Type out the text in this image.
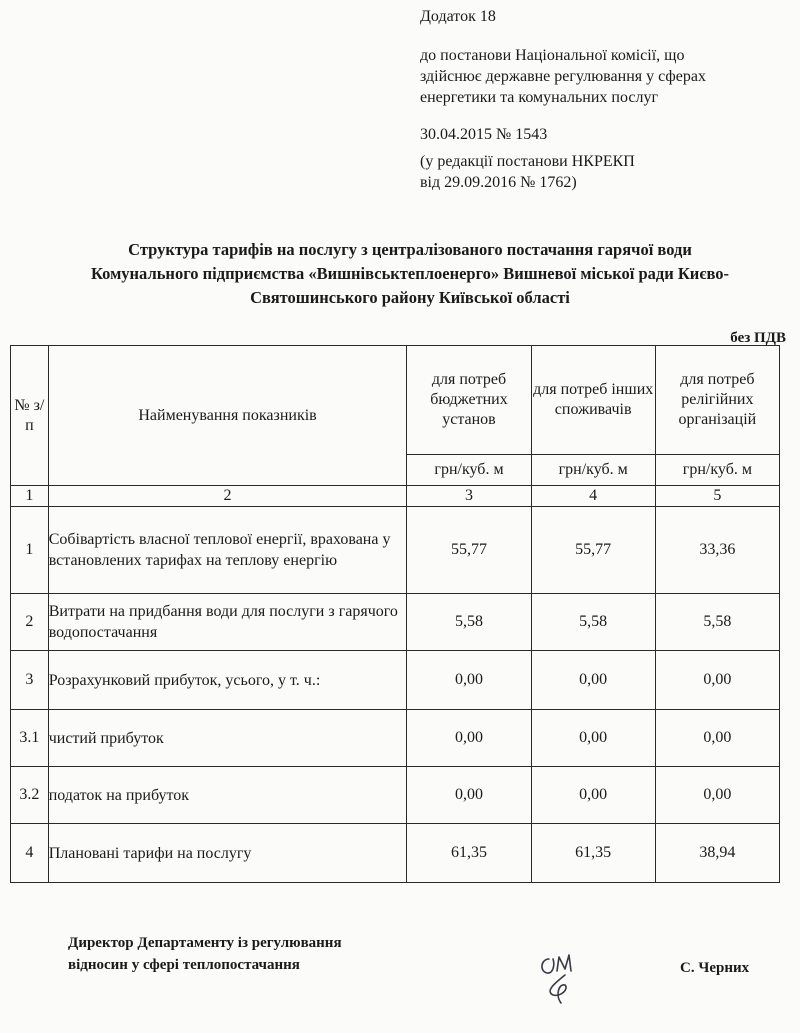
Додаток 18
до постанови Національної комісії, що
здійснює державне регулювання у сферах
енергетики та комунальних послуг
30.04.2015 № 1543
(у редакції постанови НКРЕКП
від 29.09.2016 № 1762)
Структура тарифів на послугу з централізованого постачання гарячої води
Комунального підприємства «Вишнівськтеплоенерго» Вишневої міської ради Києво-
Святошинського району Київської області
без ПДВ
№ з/п	Найменування показників	для потреб бюджетних установ	для потреб інших споживачів	для потреб релігійних організацій
		грн/куб. м	грн/куб. м	грн/куб. м
1	2	3	4	5
1	Собівартість власної теплової енергії, врахована у встановлених тарифах на теплову енергію	55,77	55,77	33,36
2	Витрати на придбання води для послуги з гарячого водопостачання	5,58	5,58	5,58
3	Розрахунковий прибуток, усього, у т. ч.:	0,00	0,00	0,00
3.1	чистий прибуток	0,00	0,00	0,00
3.2	податок на прибуток	0,00	0,00	0,00
4	Плановані тарифи на послугу	61,35	61,35	38,94
Директор Департаменту із регулювання
відносин у сфері теплопостачання	С. Черних
